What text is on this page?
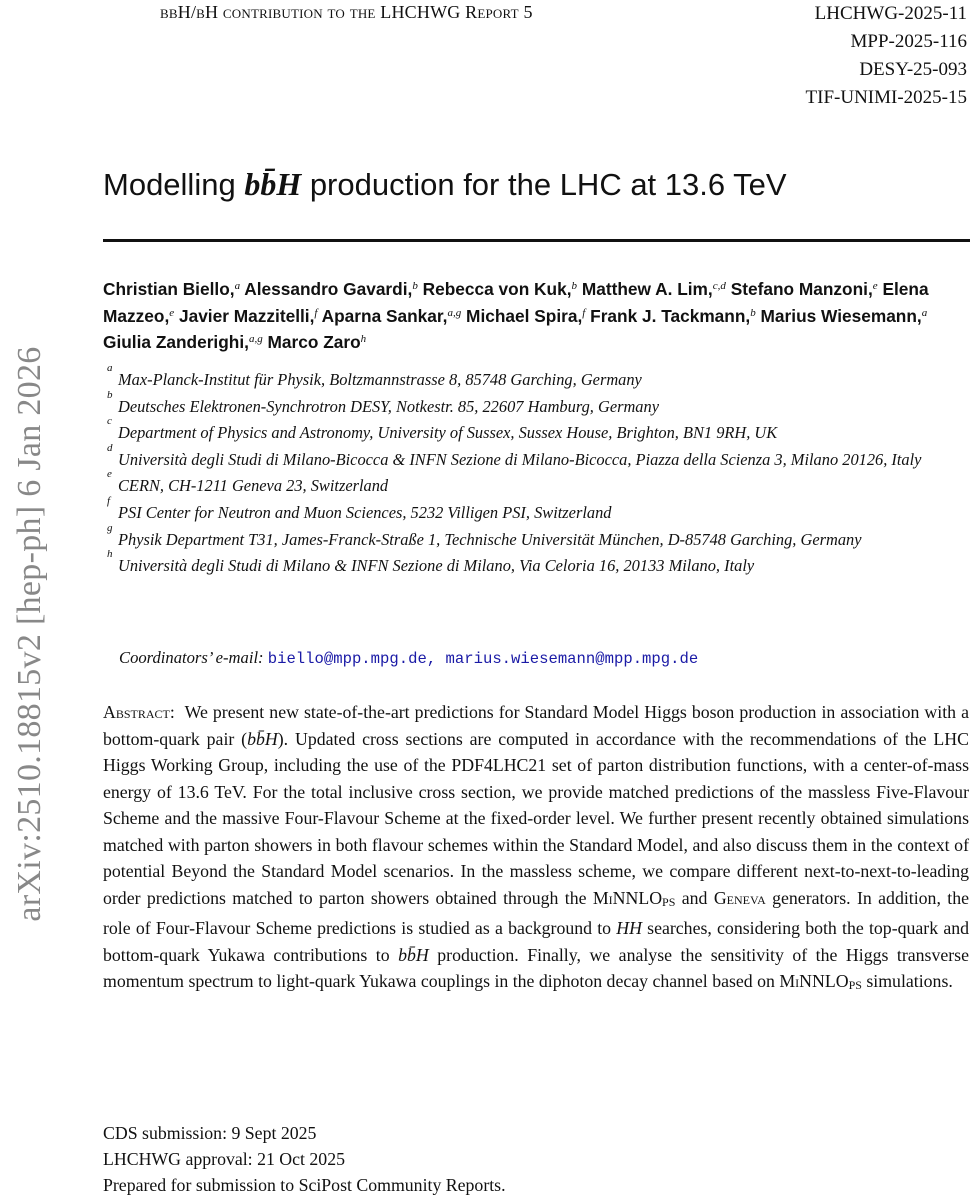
bbH/bH contribution to the LHCHWG Report 5	LHCHWG-2025-11
MPP-2025-116
DESY-25-093
TIF-UNIMI-2025-15
arXiv:2510.18815v2 [hep-ph] 6 Jan 2026
Modelling bb̄H production for the LHC at 13.6 TeV
Christian Biello,$^a$ Alessandro Gavardi,$^b$ Rebecca von Kuk,$^b$ Matthew A. Lim,$^{c,d}$ Stefano Manzoni,$^e$ Elena Mazzeo,$^e$ Javier Mazzitelli,$^f$ Aparna Sankar,$^{a,g}$ Michael Spira,$^f$ Frank J. Tackmann,$^b$ Marius Wiesemann,$^a$ Giulia Zanderighi,$^{a,g}$ Marco Zaro$^h$
a
Max-Planck-Institut für Physik, Boltzmannstrasse 8, 85748 Garching, Germany
b
Deutsches Elektronen-Synchrotron DESY, Notkestr. 85, 22607 Hamburg, Germany
c
Department of Physics and Astronomy, University of Sussex, Sussex House, Brighton, BN1 9RH, UK
d
Università degli Studi di Milano-Bicocca & INFN Sezione di Milano-Bicocca, Piazza della Scienza 3, Milano 20126, Italy
e
CERN, CH-1211 Geneva 23, Switzerland
f
PSI Center for Neutron and Muon Sciences, 5232 Villigen PSI, Switzerland
g
Physik Department T31, James-Franck-Straße 1, Technische Universität München, D-85748 Garching, Germany
h
Università degli Studi di Milano & INFN Sezione di Milano, Via Celoria 16, 20133 Milano, Italy
Coordinators’ e-mail: biello@mpp.mpg.de, marius.wiesemann@mpp.mpg.de
Abstract: We present new state-of-the-art predictions for Standard Model Higgs boson production in association with a bottom-quark pair (bb̄H). Updated cross sections are computed in accordance with the recommendations of the LHC Higgs Working Group, including the use of the PDF4LHC21 set of parton distribution functions, with a center-of-mass energy of 13.6 TeV. For the total inclusive cross section, we provide matched predictions of the massless Five-Flavour Scheme and the massive Four-Flavour Scheme at the fixed-order level. We further present recently obtained simulations matched with parton showers in both flavour schemes within the Standard Model, and also discuss them in the context of potential Beyond the Standard Model scenarios. In the massless scheme, we compare different next-to-next-to-leading order predictions matched to parton showers obtained through the MiNNLOPS and Geneva generators. In addition, the role of Four-Flavour Scheme predictions is studied as a background to HH searches, considering both the top-quark and bottom-quark Yukawa contributions to bb̄H production. Finally, we analyse the sensitivity of the Higgs transverse momentum spectrum to light-quark Yukawa couplings in the diphoton decay channel based on MiNNLOPS simulations.
CDS submission: 9 Sept 2025
LHCHWG approval: 21 Oct 2025
Prepared for submission to SciPost Community Reports.
